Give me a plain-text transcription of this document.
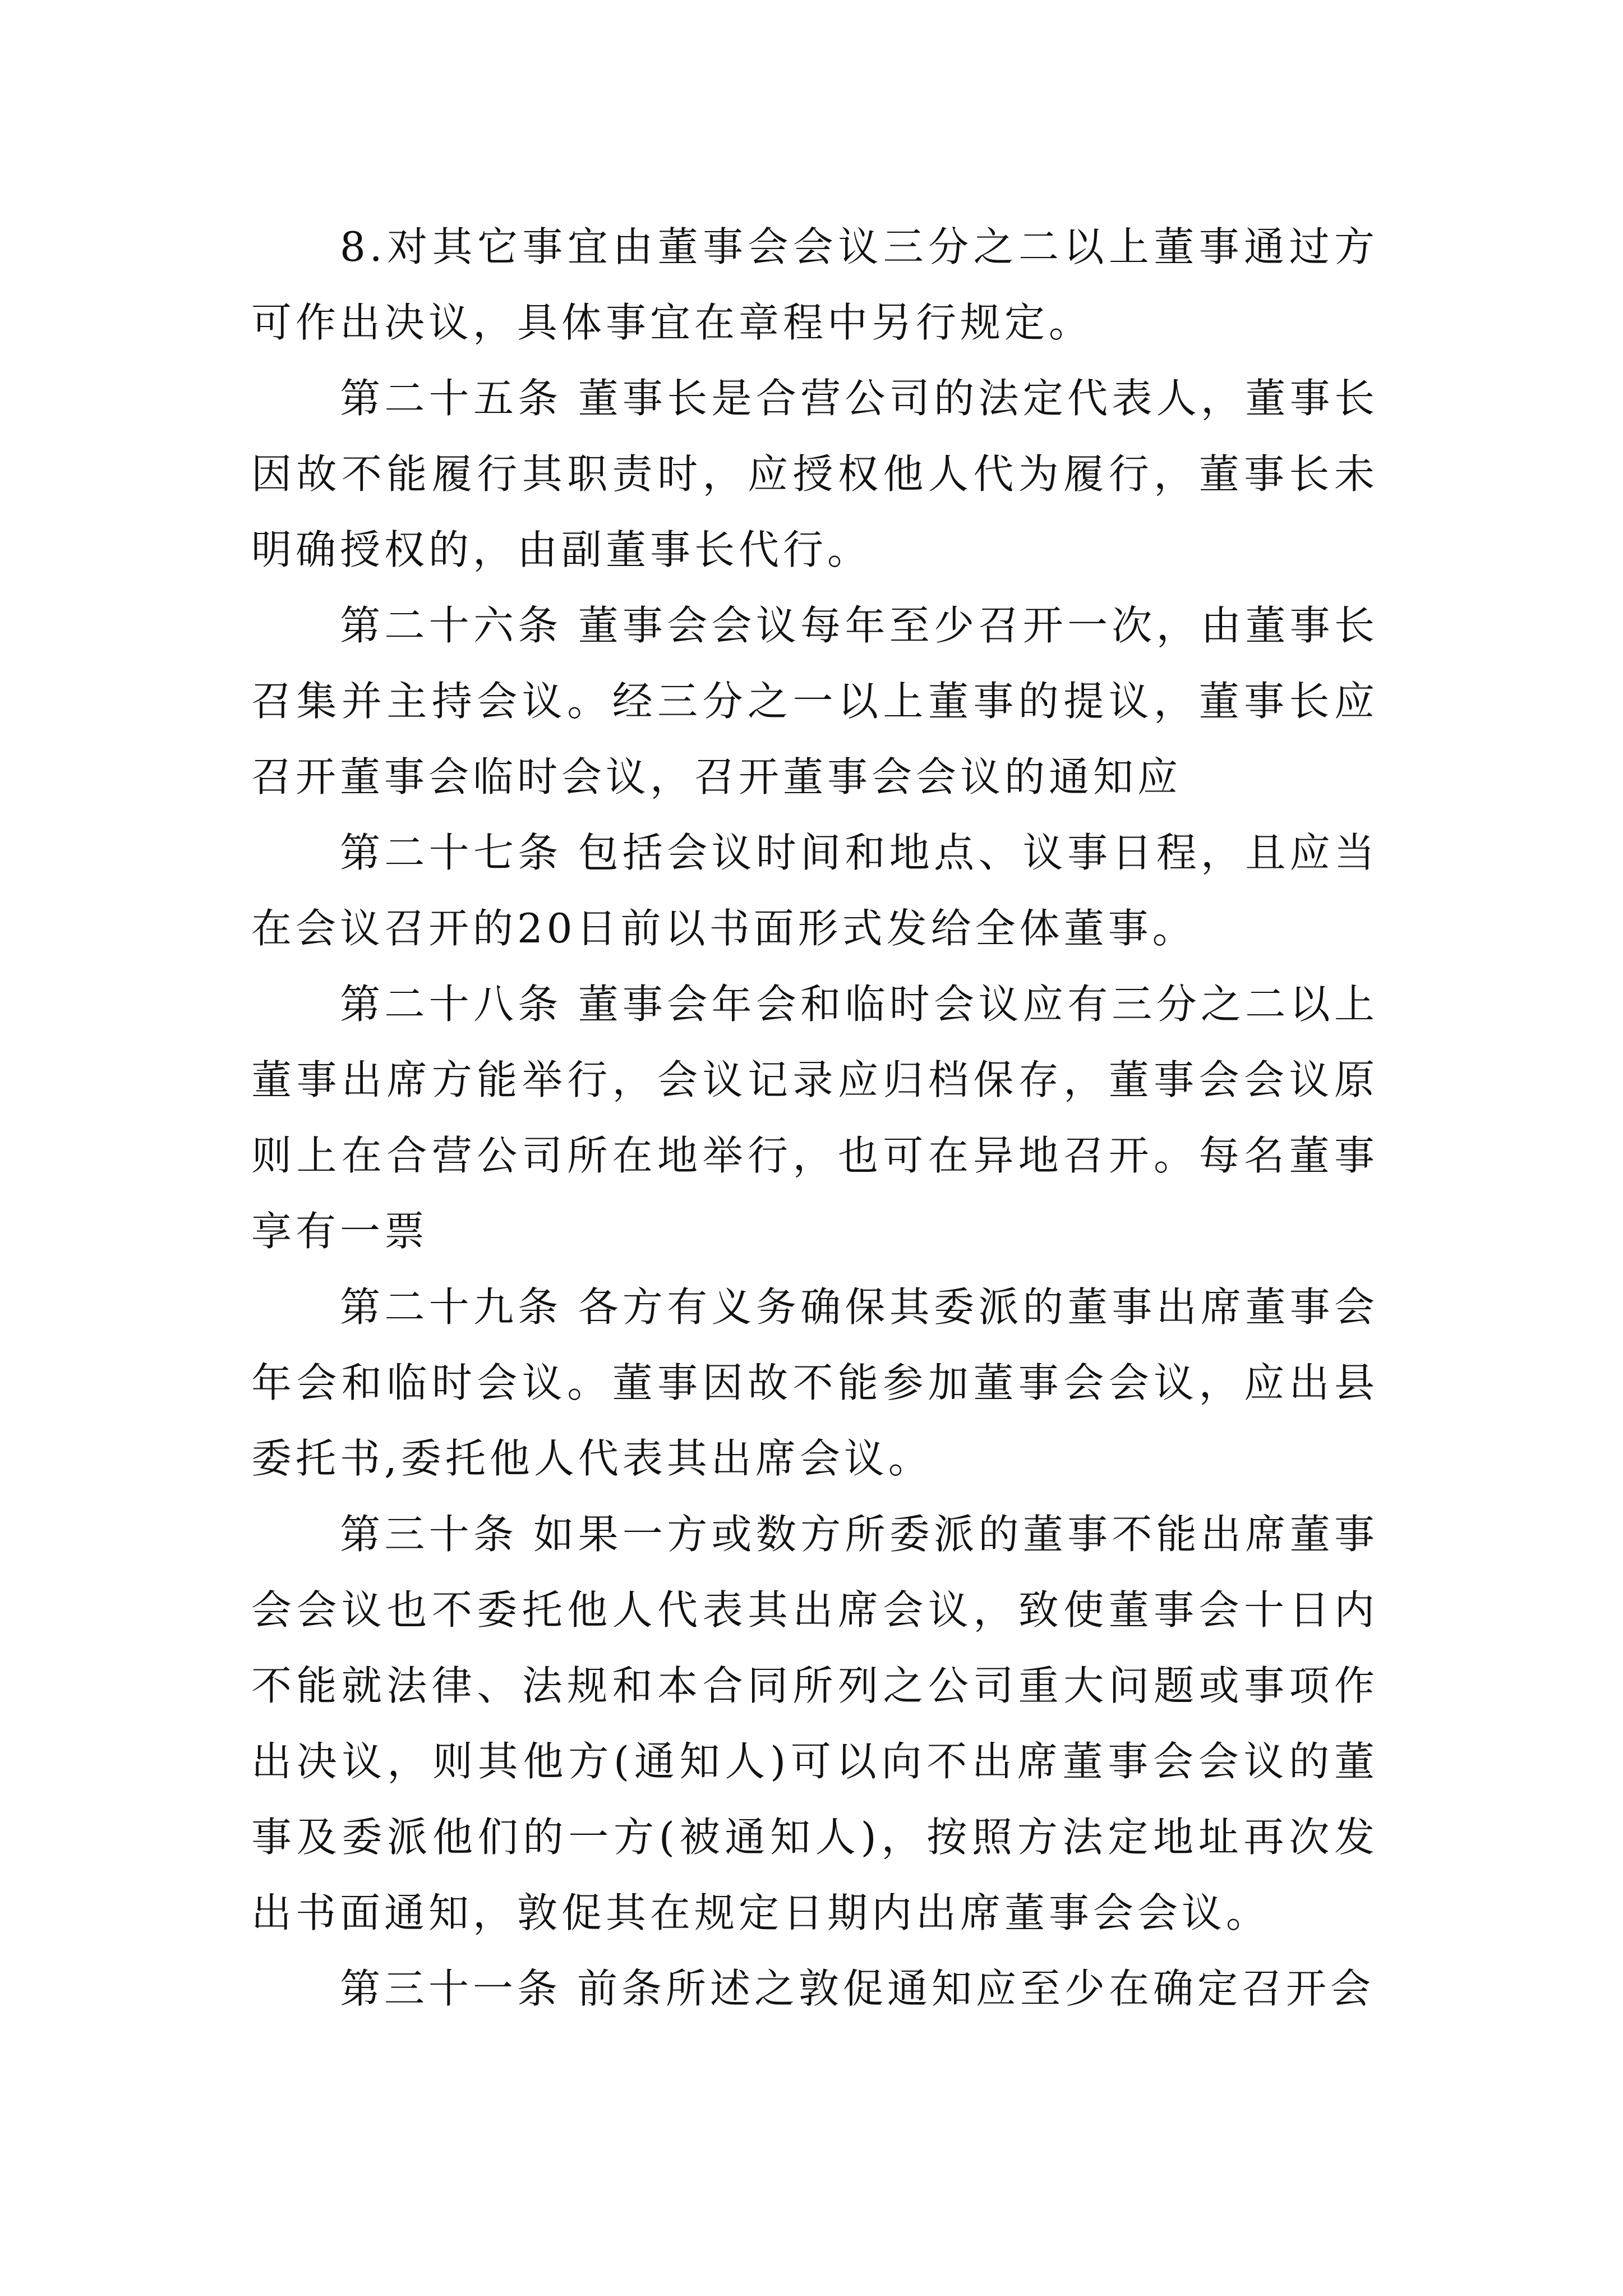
8.对其它事宜由董事会会议三分之二以上董事通过方可作出决议，具体事宜在章程中另行规定。

第二十五条 董事长是合营公司的法定代表人，董事长因故不能履行其职责时，应授权他人代为履行，董事长未明确授权的，由副董事长代行。

第二十六条 董事会会议每年至少召开一次，由董事长召集并主持会议。经三分之一以上董事的提议，董事长应召开董事会临时会议，召开董事会会议的通知应

第二十七条 包括会议时间和地点、议事日程，且应当在会议召开的20日前以书面形式发给全体董事。

第二十八条 董事会年会和临时会议应有三分之二以上董事出席方能举行，会议记录应归档保存，董事会会议原则上在合营公司所在地举行，也可在异地召开。每名董事享有一票

第二十九条 各方有义务确保其委派的董事出席董事会年会和临时会议。董事因故不能参加董事会会议，应出县委托书,委托他人代表其出席会议。

第三十条 如果一方或数方所委派的董事不能出席董事会会议也不委托他人代表其出席会议，致使董事会十日内不能就法律、法规和本合同所列之公司重大问题或事项作出决议，则其他方(通知人)可以向不出席董事会会议的董事及委派他们的一方(被通知人)，按照方法定地址再次发出书面通知，敦促其在规定日期内出席董事会会议。

第三十一条 前条所述之敦促通知应至少在确定召开会
